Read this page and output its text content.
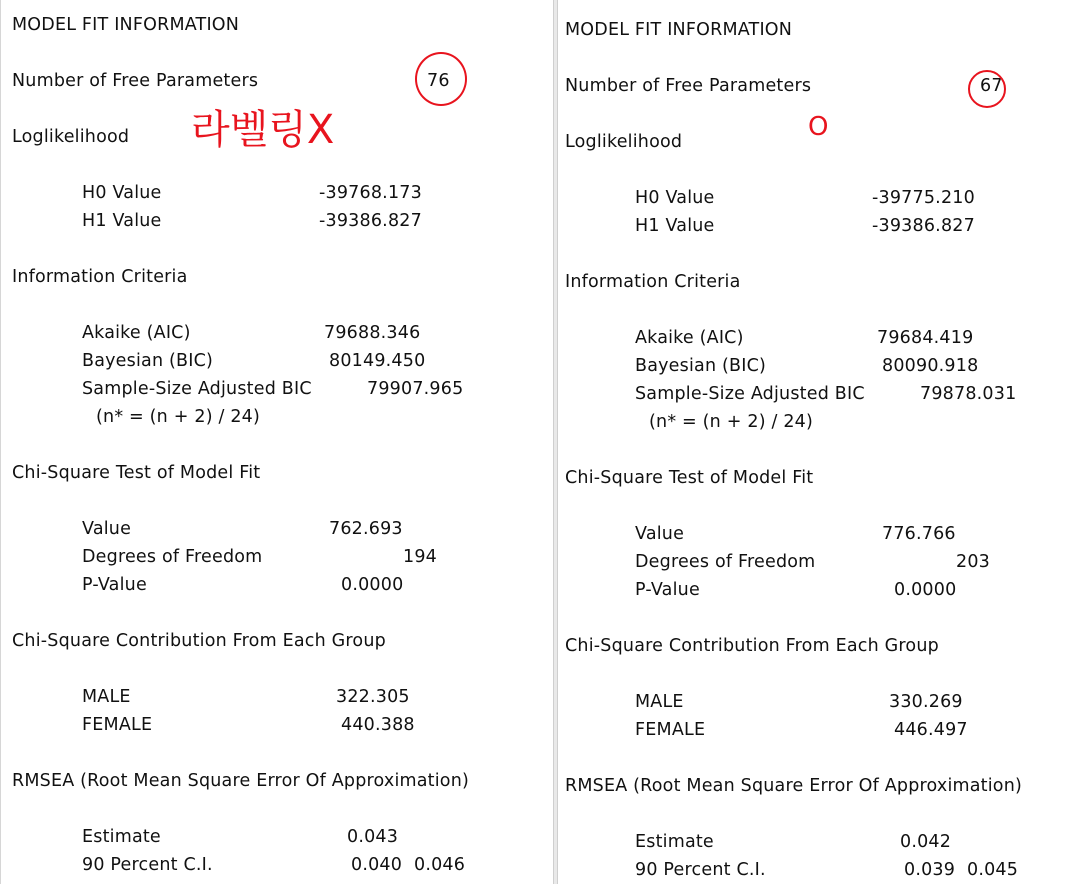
MODEL FIT INFORMATION
Number of Free Parameters	76
Loglikelihood 라벨링X
H0 Value	-39768.173
H1 Value	-39386.827
Information Criteria
Akaike (AIC)	79688.346
Bayesian (BIC)	80149.450
Sample-Size Adjusted BIC	79907.965
(n* = (n + 2) / 24)
Chi-Square Test of Model Fit
Value	762.693
Degrees of Freedom	194
P-Value	0.0000
Chi-Square Contribution From Each Group
MALE	322.305
FEMALE	440.388
RMSEA (Root Mean Square Error Of Approximation)
Estimate	0.043
90 Percent C.I.	0.040 0.046
MODEL FIT INFORMATION
Number of Free Parameters	67
O
Loglikelihood
H0 Value	-39775.210
H1 Value	-39386.827
Information Criteria
Akaike (AIC)	79684.419
Bayesian (BIC)	80090.918
Sample-Size Adjusted BIC	79878.031
(n* = (n + 2) / 24)
Chi-Square Test of Model Fit
Value	776.766
Degrees of Freedom	203
P-Value	0.0000
Chi-Square Contribution From Each Group
MALE	330.269
FEMALE	446.497
RMSEA (Root Mean Square Error Of Approximation)
Estimate	0.042
90 Percent C.I.	0.039 0.045
